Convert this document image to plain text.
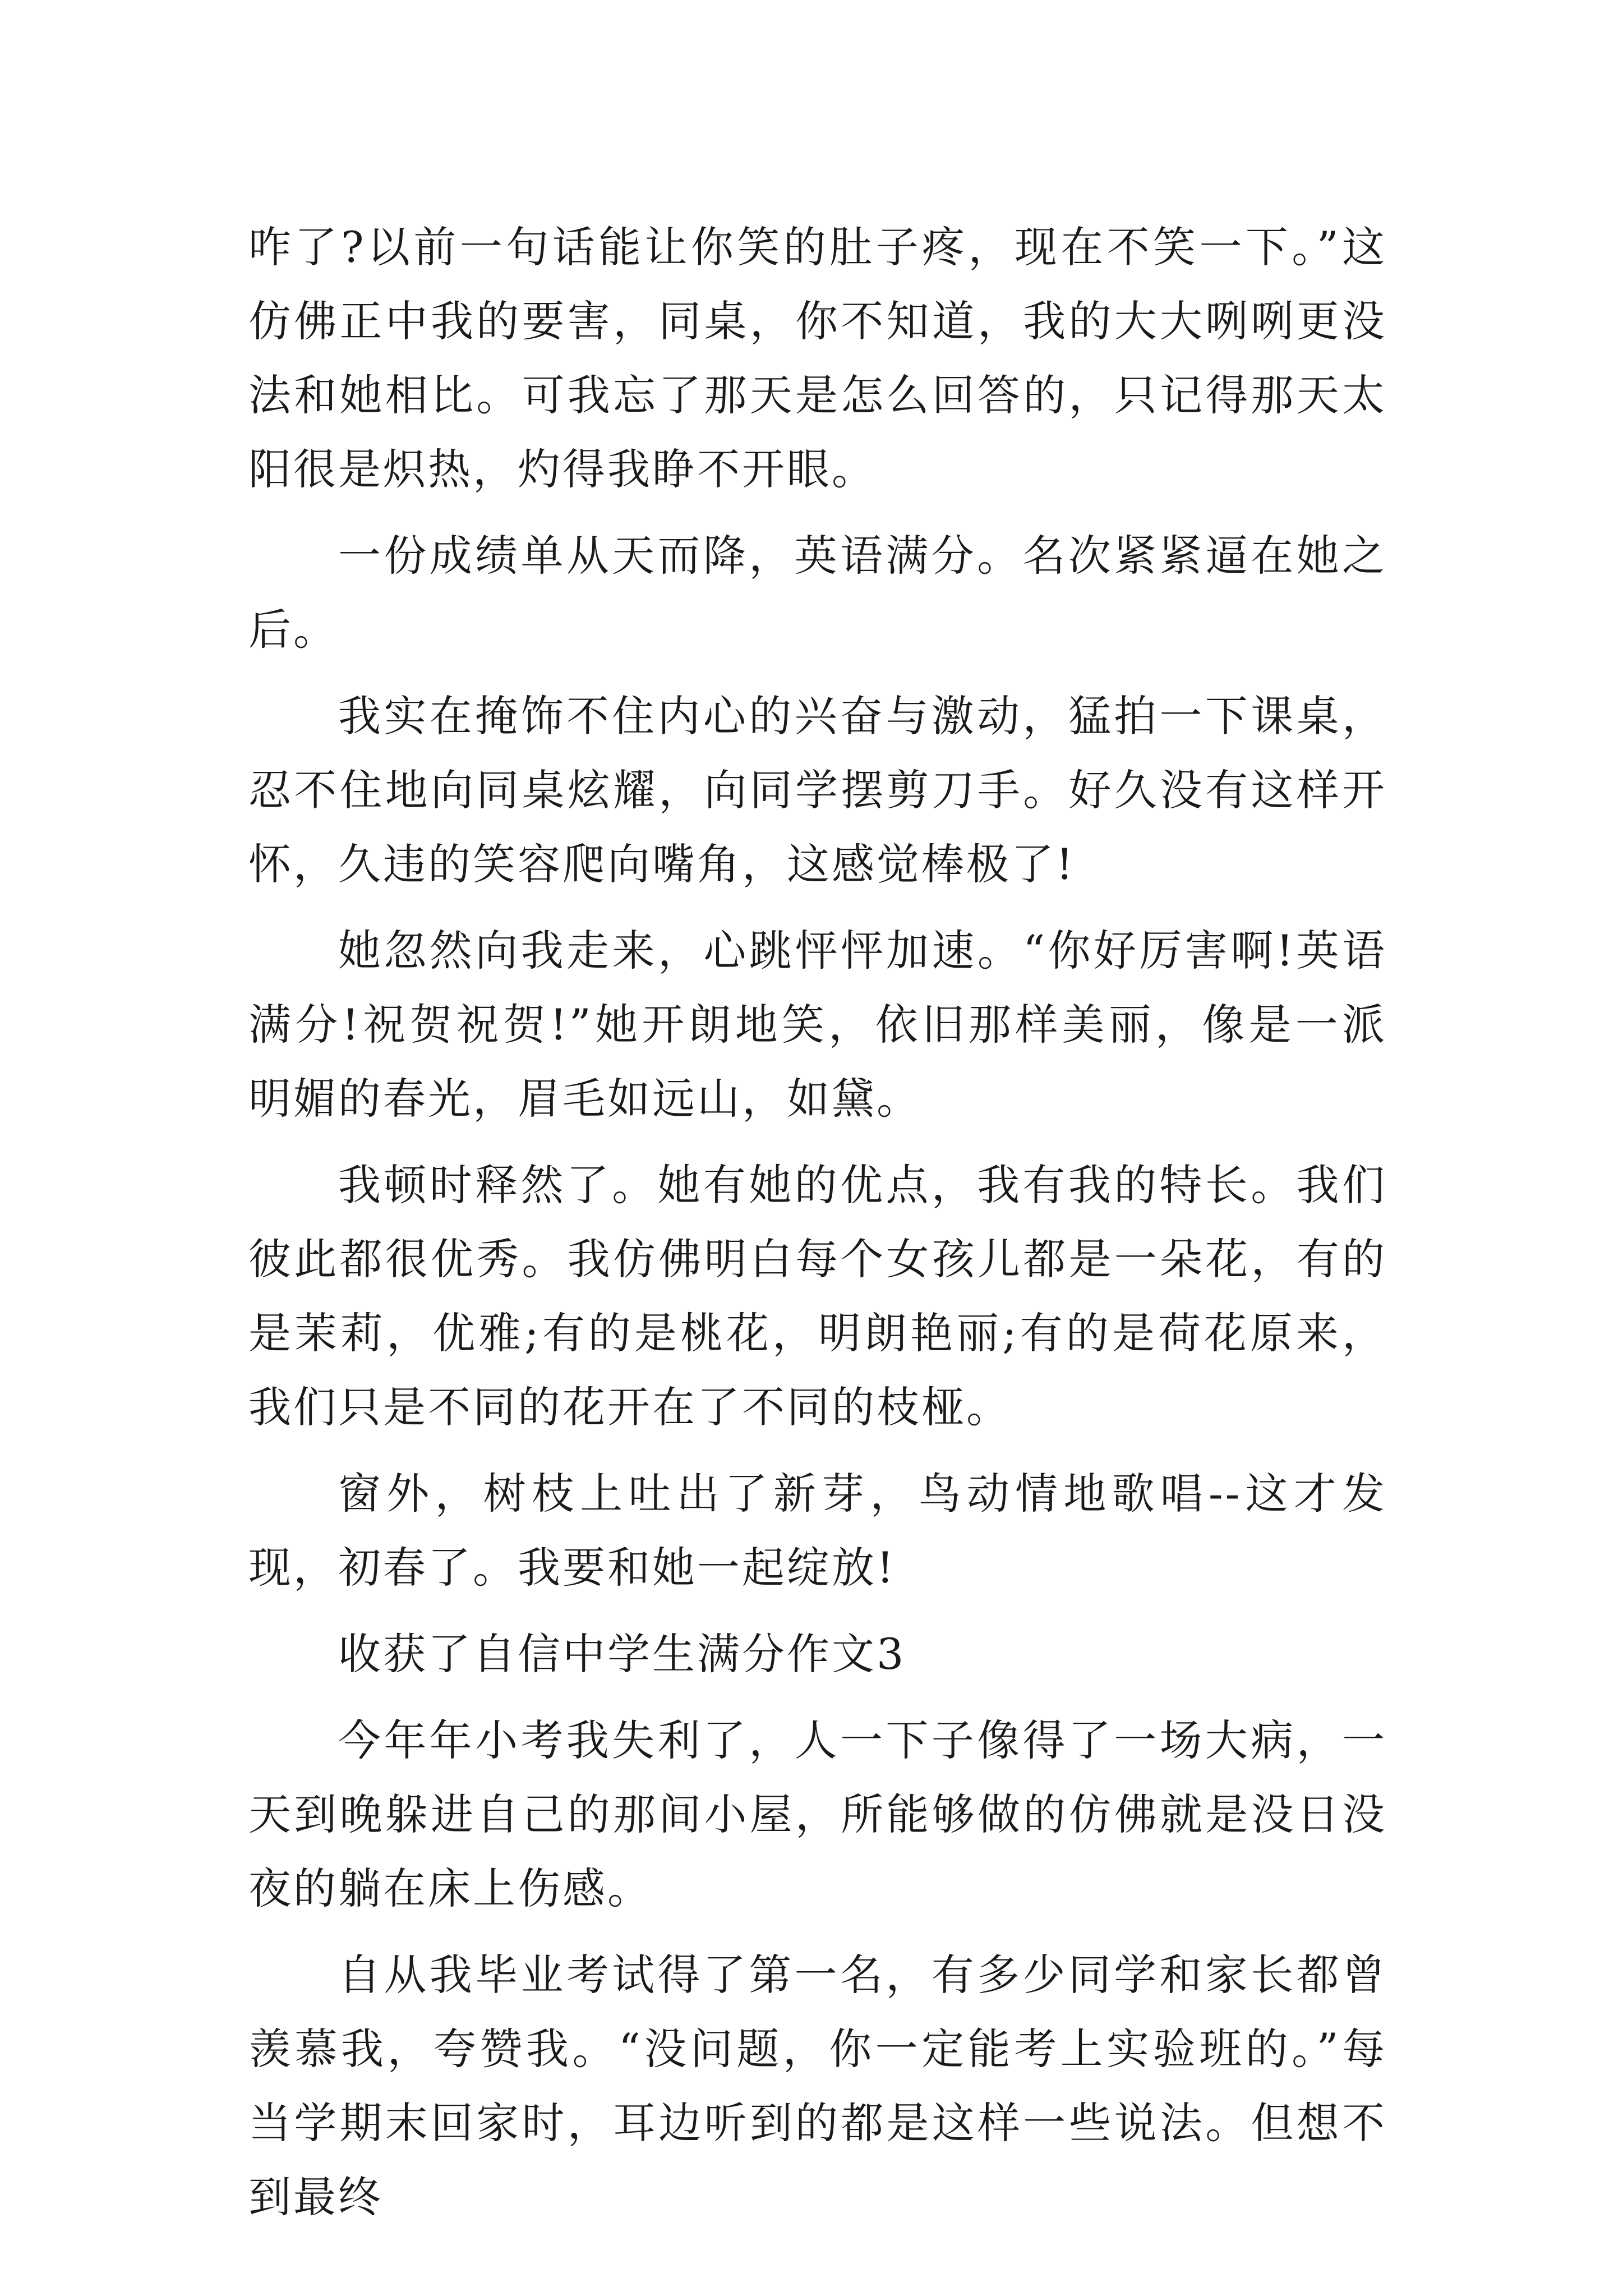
咋了?以前一句话能让你笑的肚子疼，现在不笑一下。”这仿佛正中我的要害，同桌，你不知道，我的大大咧咧更没法和她相比。可我忘了那天是怎么回答的，只记得那天太阳很是炽热，灼得我睁不开眼。

一份成绩单从天而降，英语满分。名次紧紧逼在她之后。

我实在掩饰不住内心的兴奋与激动，猛拍一下课桌，忍不住地向同桌炫耀，向同学摆剪刀手。好久没有这样开怀，久违的笑容爬向嘴角，这感觉棒极了!

她忽然向我走来，心跳怦怦加速。“你好厉害啊!英语满分!祝贺祝贺!”她开朗地笑，依旧那样美丽，像是一派明媚的春光，眉毛如远山，如黛。

我顿时释然了。她有她的优点，我有我的特长。我们彼此都很优秀。我仿佛明白每个女孩儿都是一朵花，有的是茉莉，优雅;有的是桃花，明朗艳丽;有的是荷花原来，我们只是不同的花开在了不同的枝桠。

窗外，树枝上吐出了新芽，鸟动情地歌唱--这才发现，初春了。我要和她一起绽放!

收获了自信中学生满分作文3

今年年小考我失利了，人一下子像得了一场大病，一天到晚躲进自己的那间小屋，所能够做的仿佛就是没日没夜的躺在床上伤感。

自从我毕业考试得了第一名，有多少同学和家长都曾羡慕我，夸赞我。“没问题，你一定能考上实验班的。”每当学期末回家时，耳边听到的都是这样一些说法。但想不到最终
